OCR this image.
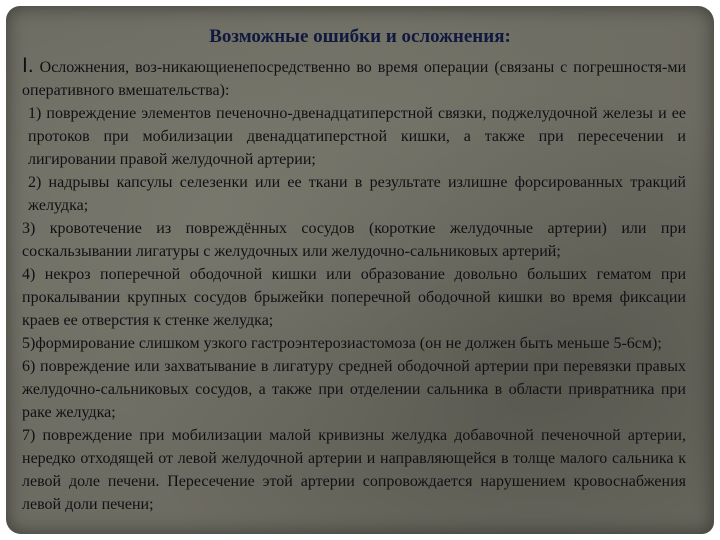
Возможные ошибки и осложнения:

I. Осложнения, воз-никающиенепосредственно во время операции (связаны с погрешностя-ми оперативного вмешательства):

1) повреждение элементов печеночно-двенадцатиперстной связки, поджелудочной железы и ее протоков при мобилизации двенадцатиперстной кишки, а также при пересечении и лигировании правой желудочной артерии;

2) надрывы капсулы селезенки или ее ткани в результате излишне форсированных тракций желудка;

3) кровотечение из повреждённых сосудов (короткие желудочные артерии) или при соскальзывании лигатуры с желудочных или желудочно-сальниковых артерий;

4) некроз поперечной ободочной кишки или образование довольно больших гематом при прокалывании крупных сосудов брыжейки поперечной ободочной кишки во время фиксации краев ее отверстия к стенке желудка;

5)формирование слишком узкого гастроэнтерозиастомоза (он не должен быть меньше 5-6см);

6) повреждение или захватывание в лигатуру средней ободочной артерии при перевязки правых желудочно-сальниковых сосудов, а также при отделении сальника в области привратника при раке желудка;

7) повреждение при мобилизации малой кривизны желудка добавочной печеночной артерии, нередко отходящей от левой желудочной артерии и направляющейся в толще малого сальника к левой доле печени. Пересечение этой артерии сопровождается нарушением кровоснабжения левой доли печени;
